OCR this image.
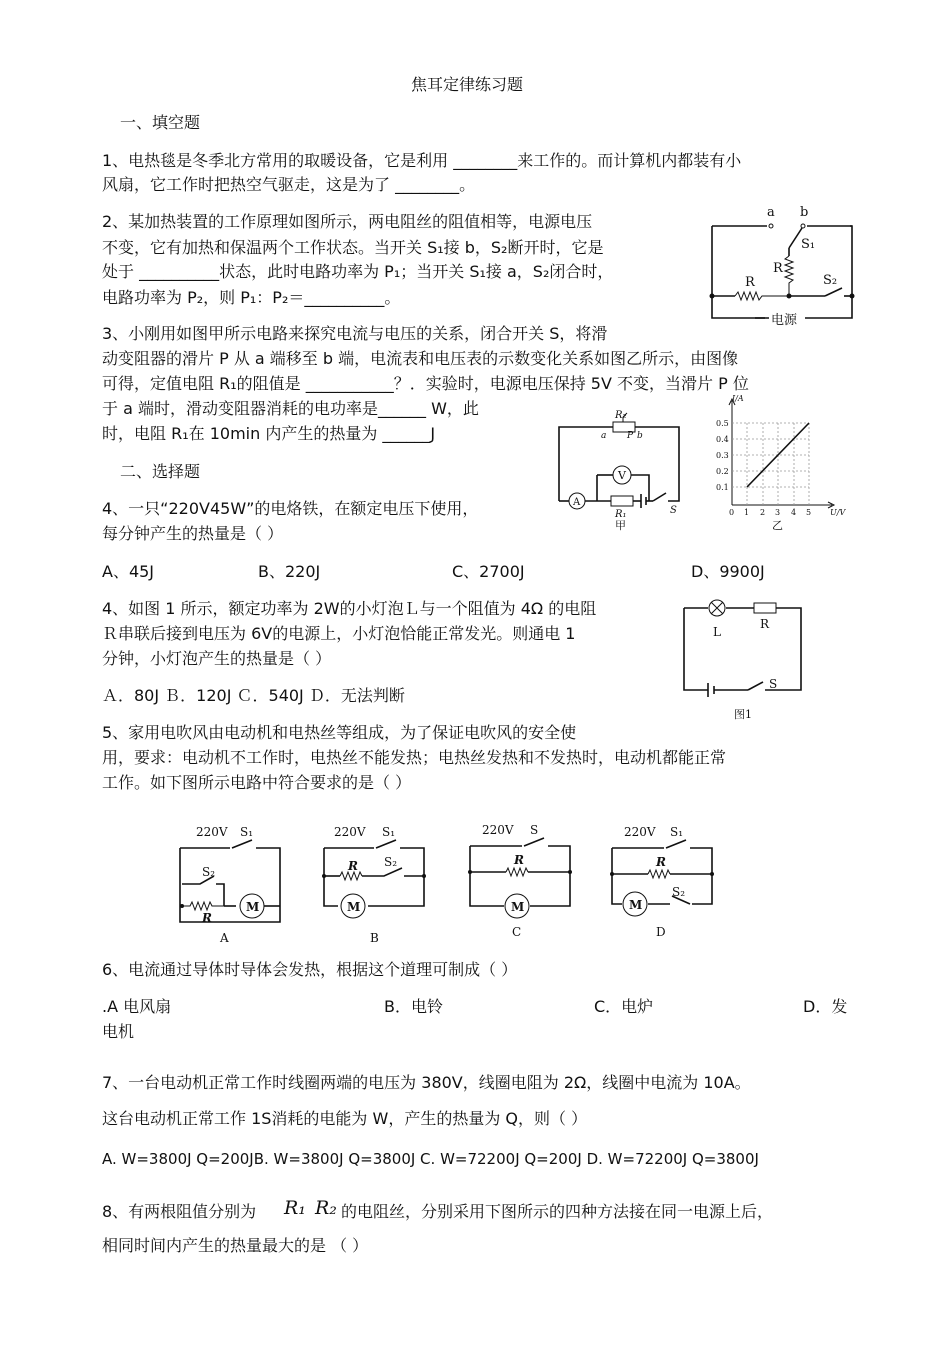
焦耳定律练习题
一、填空题
1、电热毯是冬季北方常用的取暖设备，它是利用 ________来工作的。而计算机内都装有小
风扇，它工作时把热空气驱走，这是为了 ________。
2、某加热装置的工作原理如图所示，两电阻丝的阻值相等，电源电压
不变，它有加热和保温两个工作状态。当开关 S₁接 b，S₂断开时，它是
处于 __________状态，此时电路功率为 P₁；当开关 S₁接 a，S₂闭合时，
电路功率为 P₂，则 P₁：P₂＝__________。
a b
S₁
R
R	S₂
电源
3、小刚用如图甲所示电路来探究电流与电压的关系，闭合开关 S，将滑
动变阻器的滑片 P 从 a 端移至 b 端，电流表和电压表的示数变化关系如图乙所示，由图像
可得，定值电阻 R₁的阻值是 ___________？．实验时，电源电压保持 5V 不变，当滑片 P 位
于 a 端时，滑动变阻器消耗的电功率是______ W，此
时，电阻 R₁在 10min 内产生的热量为 ______J
R₂
a P b
V
A
R₁	S
甲
I/A
0.5
0.4
0.3
0.2
0.1
0 1 2 3 4 5 U/V
乙
二、选择题
4、一只“220V45W”的电烙铁，在额定电压下使用，
每分钟产生的热量是（ ）
A、45J	B、220J	C、2700J	D、9900J
4、如图 1 所示，额定功率为 2W的小灯泡Ｌ与一个阻值为 4Ω 的电阻
Ｒ串联后接到电压为 6V的电源上，小灯泡恰能正常发光。则通电 1
分钟，小灯泡产生的热量是（ ）
Ａ．80J Ｂ．120J Ｃ．540J Ｄ．无法判断
L
R
S
图1
5、家用电吹风由电动机和电热丝等组成，为了保证电吹风的安全使
用，要求：电动机不工作时，电热丝不能发热；电热丝发热和不发热时，电动机都能正常
工作。如下图所示电路中符合要求的是（ ）
M
220V S₁
S₂
R
A
M
220V S₁
S₂
R
B
M
220V S
R
C
M
220V S₁
S₂
R
D
6、电流通过导体时导体会发热，根据这个道理可制成（ ）
.A 电风扇	B．电铃	C．电炉	D．发
电机
7、一台电动机正常工作时线圈两端的电压为 380V，线圈电阻为 2Ω，线圈中电流为 10A。
这台电动机正常工作 1S消耗的电能为 W，产生的热量为 Q，则（ ）
A. W=3800J Q=200JB. W=3800J Q=3800J C. W=72200J Q=200J D. W=72200J Q=3800J
8、有两根阻值分别为 R₁ R₂ 的电阻丝，分别采用下图所示的四种方法接在同一电源上后，
相同时间内产生的热量最大的是 （ ）
